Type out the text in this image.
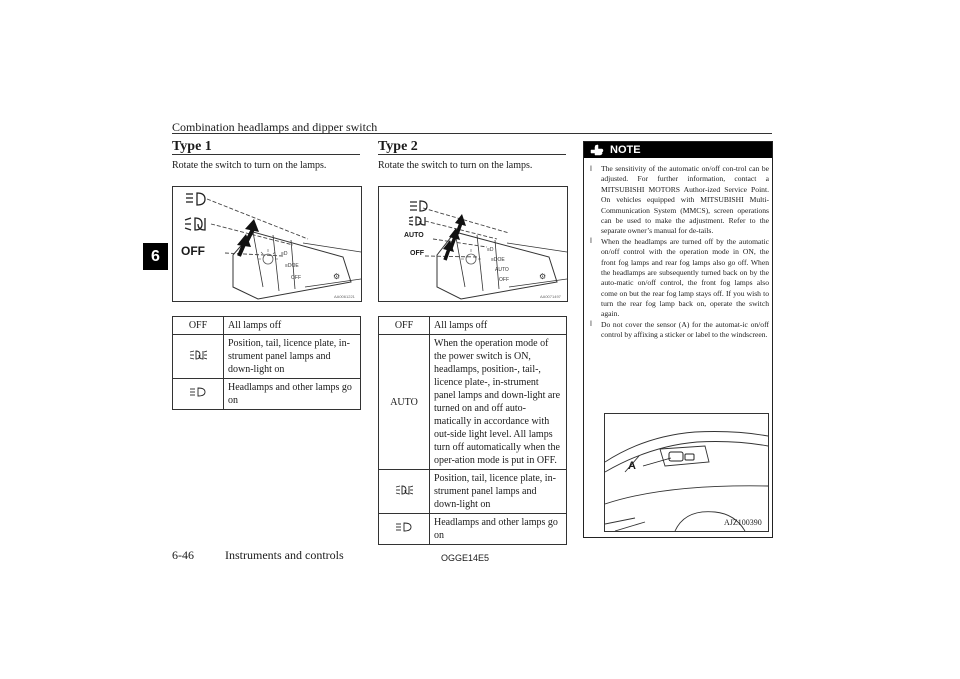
Combination headlamps and dipper switch
6
Type 1
Rotate the switch to turn on the lamps.
≡D
≡DOE
OFF	⚙
AA0061221
OFF
OFF	All lamps off
	Position, tail, licence plate, in-strument panel lamps and down-light on
	Headlamps and other lamps go on
Type 2
Rotate the switch to turn on the lamps.
≡D
≡DOE
AUTO
OFF	⚙
AUTO
OFF
AA0071497
OFF	All lamps off
AUTO	When the operation mode of the power switch is ON, headlamps, position-, tail-, licence plate-, in-strument panel lamps and down-light are turned on and off auto-matically in accordance with out-side light level. All lamps turn off automatically when the oper-ation mode is put in OFF.
	Position, tail, licence plate, in-strument panel lamps and down-light on
	Headlamps and other lamps go on
NOTE

l The sensitivity of the automatic on/off con-trol can be adjusted. For further information, contact a MITSUBISHI MOTORS Author-ized Service Point. On vehicles equipped with MITSUBISHI Multi-Communication System (MMCS), screen operations can be used to make the adjustment. Refer to the separate owner’s manual for de-tails.

l When the headlamps are turned off by the automatic on/off control with the operation mode in ON, the front fog lamps and rear fog lamps also go off. When the headlamps are subsequently turned back on by the auto-matic on/off control, the front fog lamps also come on but the rear fog lamp stays off. If you wish to turn the rear fog lamp back on, operate the switch again.

l Do not cover the sensor (A) for the automat-ic on/off control by affixing a sticker or label to the windscreen.

A
AJZ100390
6-46	Instruments and controls	OGGE14E5
